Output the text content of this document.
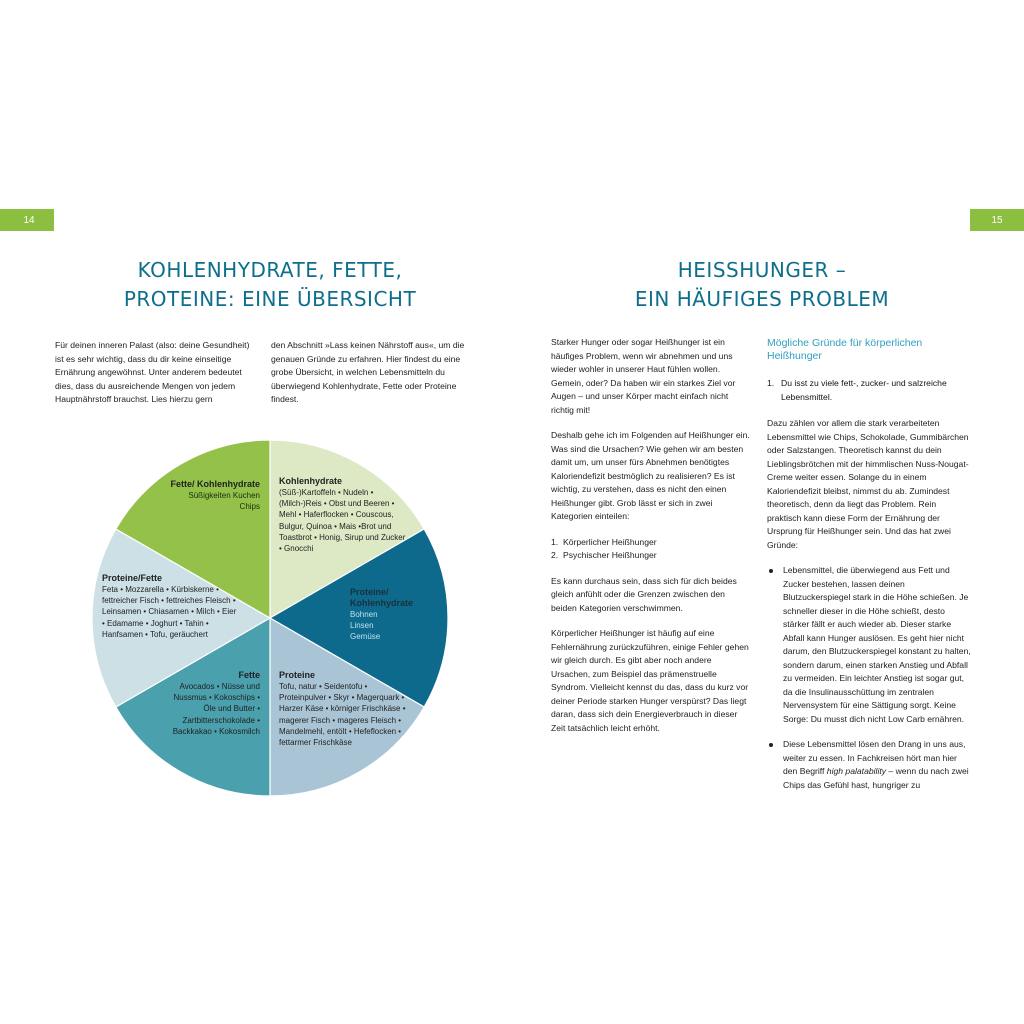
14	15
KOHLENHYDRATE, FETTE,
PROTEINE: EINE ÜBERSICHT

Für deinen inneren Palast (also: deine Gesundheit) ist es sehr wichtig, dass du dir keine einseitige Ernährung angewöhnst. Unter anderem bedeutet dies, dass du ausreichende Mengen von jedem Hauptnährstoff brauchst. Lies hierzu gern

den Abschnitt »Lass keinen Nährstoff aus«, um die genauen Gründe zu erfahren. Hier findest du eine grobe Übersicht, in welchen Lebensmitteln du überwiegend Kohlenhydrate, Fette oder Proteine findest.

Fette/ Kohlenhydrate
Süßigkeiten Kuchen Chips
Kohlenhydrate
(Süß-)Kartoffeln • Nudeln • (Milch-)Reis • Obst und Beeren • Mehl • Haferflocken • Couscous, Bulgur, Quinoa • Mais •Brot und Toastbrot • Honig, Sirup und Zucker • Gnocchi
Proteine/ Kohlenhydrate
Bohnen Linsen Gemüse
Proteine
Tofu, natur • Seidentofu • Proteinpulver • Skyr • Magerquark • Harzer Käse • körniger Frischkäse • magerer Fisch • mageres Fleisch • Mandelmehl, entölt • Hefeflocken • fettarmer Frischkäse
Fette
Avocados • Nüsse und Nussmus • Kokoschips • Öle und Butter • Zartbitterschokolade • Backkakao • Kokosmilch
Proteine/Fette
Feta • Mozzarella • Kürbiskerne • fettreicher Fisch • fettreiches Fleisch • Leinsamen • Chiasamen • Milch • Eier • Edamame • Joghurt • Tahin • Hanfsamen • Tofu, geräuchert
HEISSHUNGER –
EIN HÄUFIGES PROBLEM

Starker Hunger oder sogar Heißhunger ist ein häufiges Problem, wenn wir abnehmen und uns wieder wohler in unserer Haut fühlen wollen. Gemein, oder? Da haben wir ein starkes Ziel vor Augen – und unser Körper macht einfach nicht richtig mit!

Deshalb gehe ich im Folgenden auf Heißhunger ein. Was sind die Ursachen? Wie gehen wir am besten damit um, um unser fürs Abnehmen benötigtes Kaloriendefizit bestmöglich zu realisieren? Es ist wichtig, zu verstehen, dass es nicht den einen Heißhunger gibt. Grob lässt er sich in zwei Kategorien einteilen:

1. Körperlicher Heißhunger
2. Psychischer Heißhunger

Es kann durchaus sein, dass sich für dich beides gleich anfühlt oder die Grenzen zwischen den beiden Kategorien verschwimmen.

Körperlicher Heißhunger ist häufig auf eine Fehlernährung zurückzuführen, einige Fehler gehen wir gleich durch. Es gibt aber noch andere Ursachen, zum Beispiel das prämenstruelle Syndrom. Vielleicht kennst du das, dass du kurz vor deiner Periode starken Hunger verspürst? Das liegt daran, dass sich dein Energieverbrauch in dieser Zeit tatsächlich leicht erhöht.

Mögliche Gründe für körperlichen Heißhunger
1. Du isst zu viele fett-, zucker- und salzreiche Lebensmittel.

Dazu zählen vor allem die stark verarbeiteten Lebensmittel wie Chips, Schokolade, Gummibärchen oder Salzstangen. Theoretisch kannst du dein Lieblingsbrötchen mit der himmlischen Nuss-Nougat-Creme weiter essen. Solange du in einem Kaloriendefizit bleibst, nimmst du ab. Zumindest theoretisch, denn da liegt das Problem. Rein praktisch kann diese Form der Ernährung der Ursprung für Heißhunger sein. Und das hat zwei Gründe:

Lebensmittel, die überwiegend aus Fett und Zucker bestehen, lassen deinen Blutzuckerspiegel stark in die Höhe schießen. Je schneller dieser in die Höhe schießt, desto stärker fällt er auch wieder ab. Dieser starke Abfall kann Hunger auslösen. Es geht hier nicht darum, den Blutzuckerspiegel konstant zu halten, sondern darum, einen starken Anstieg und Abfall zu vermeiden. Ein leichter Anstieg ist sogar gut, da die Insulinausschüttung im zentralen Nervensystem für eine Sättigung sorgt. Keine Sorge: Du musst dich nicht Low Carb ernähren.
Diese Lebensmittel lösen den Drang in uns aus, weiter zu essen. In Fachkreisen hört man hier den Begriff high palatability – wenn du nach zwei Chips das Gefühl hast, hungriger zu
